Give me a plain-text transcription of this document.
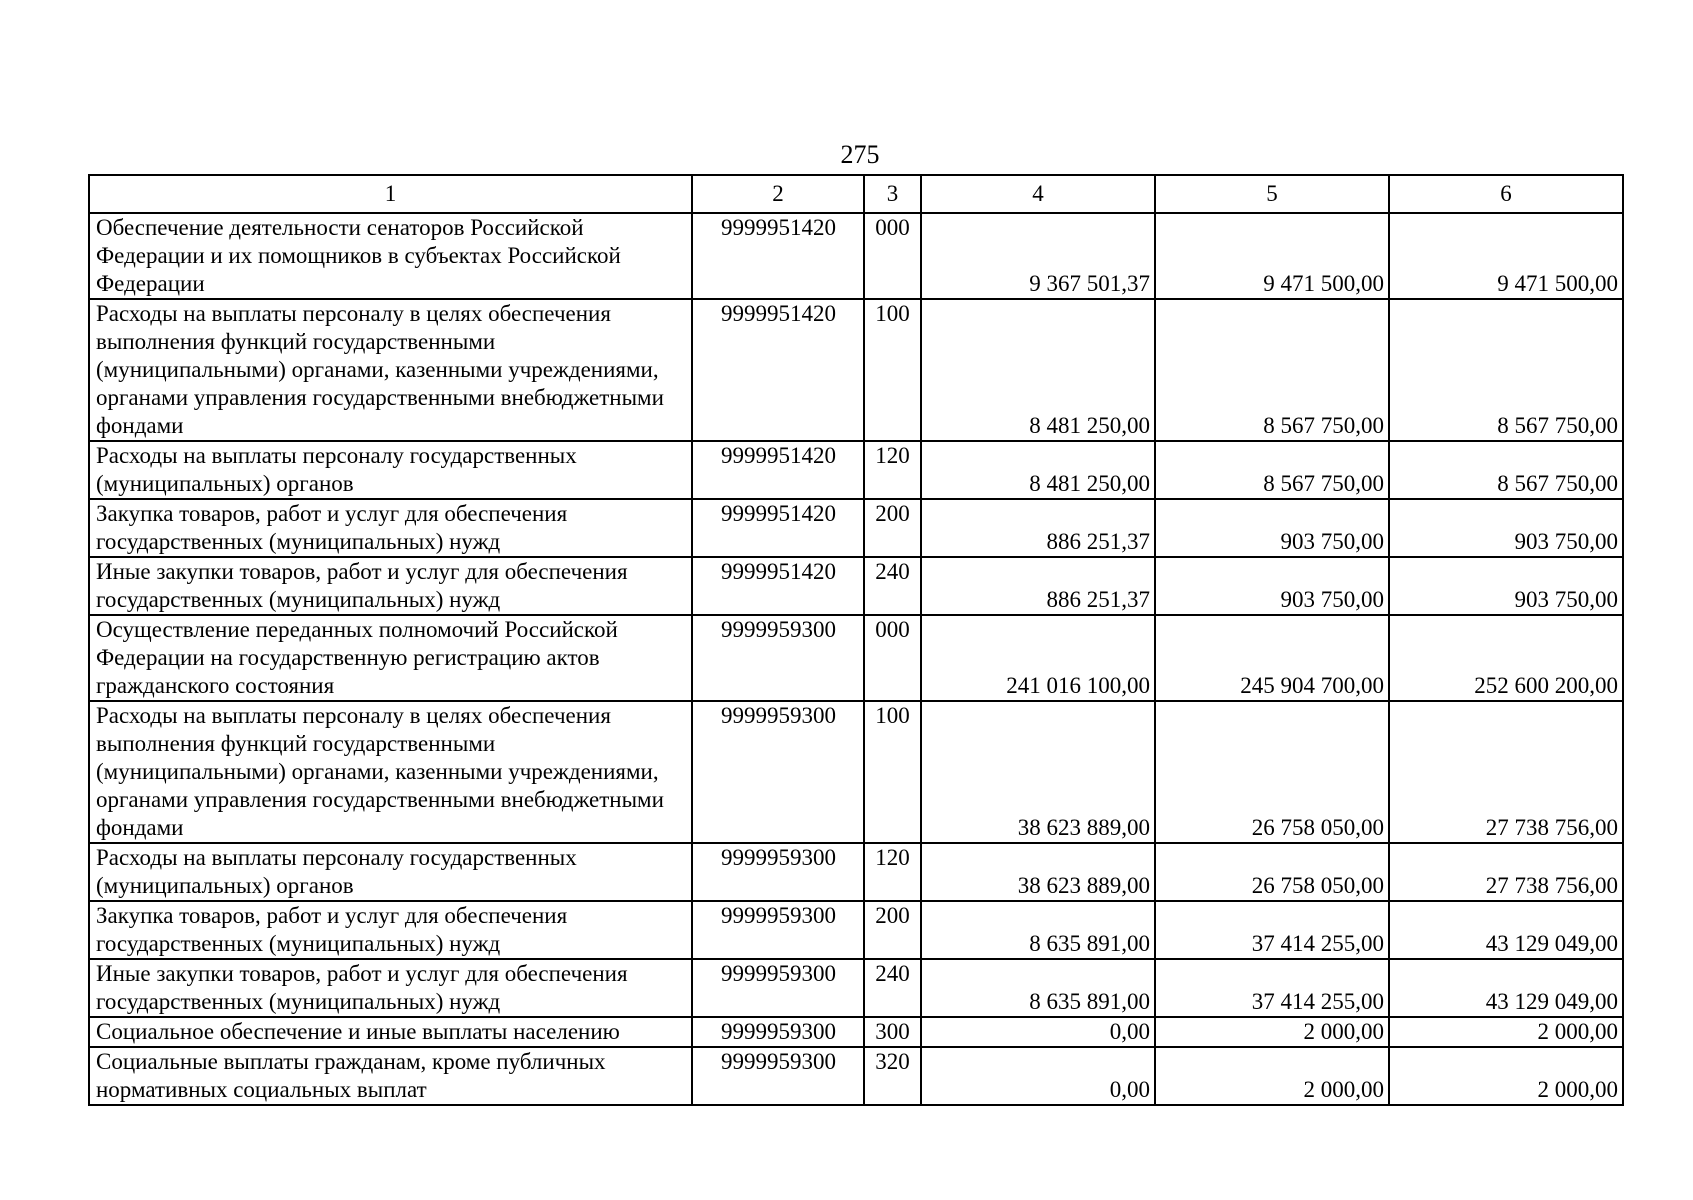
275
1	2	3	4	5	6
Обеспечение деятельности сенаторов Российской Федерации и их помощников в субъектах Российской Федерации	9999951420	000	9 367 501,37	9 471 500,00	9 471 500,00
Расходы на выплаты персоналу в целях обеспечения выполнения функций государственными (муниципальными) органами, казенными учреждениями, органами управления государственными внебюджетными фондами	9999951420	100	8 481 250,00	8 567 750,00	8 567 750,00
Расходы на выплаты персоналу государственных (муниципальных) органов	9999951420	120	8 481 250,00	8 567 750,00	8 567 750,00
Закупка товаров, работ и услуг для обеспечения государственных (муниципальных) нужд	9999951420	200	886 251,37	903 750,00	903 750,00
Иные закупки товаров, работ и услуг для обеспечения государственных (муниципальных) нужд	9999951420	240	886 251,37	903 750,00	903 750,00
Осуществление переданных полномочий Российской Федерации на государственную регистрацию актов гражданского состояния	9999959300	000	241 016 100,00	245 904 700,00	252 600 200,00
Расходы на выплаты персоналу в целях обеспечения выполнения функций государственными (муниципальными) органами, казенными учреждениями, органами управления государственными внебюджетными фондами	9999959300	100	38 623 889,00	26 758 050,00	27 738 756,00
Расходы на выплаты персоналу государственных (муниципальных) органов	9999959300	120	38 623 889,00	26 758 050,00	27 738 756,00
Закупка товаров, работ и услуг для обеспечения государственных (муниципальных) нужд	9999959300	200	8 635 891,00	37 414 255,00	43 129 049,00
Иные закупки товаров, работ и услуг для обеспечения государственных (муниципальных) нужд	9999959300	240	8 635 891,00	37 414 255,00	43 129 049,00
Социальное обеспечение и иные выплаты населению	9999959300	300	0,00	2 000,00	2 000,00
Социальные выплаты гражданам, кроме публичных нормативных социальных выплат	9999959300	320	0,00	2 000,00	2 000,00
